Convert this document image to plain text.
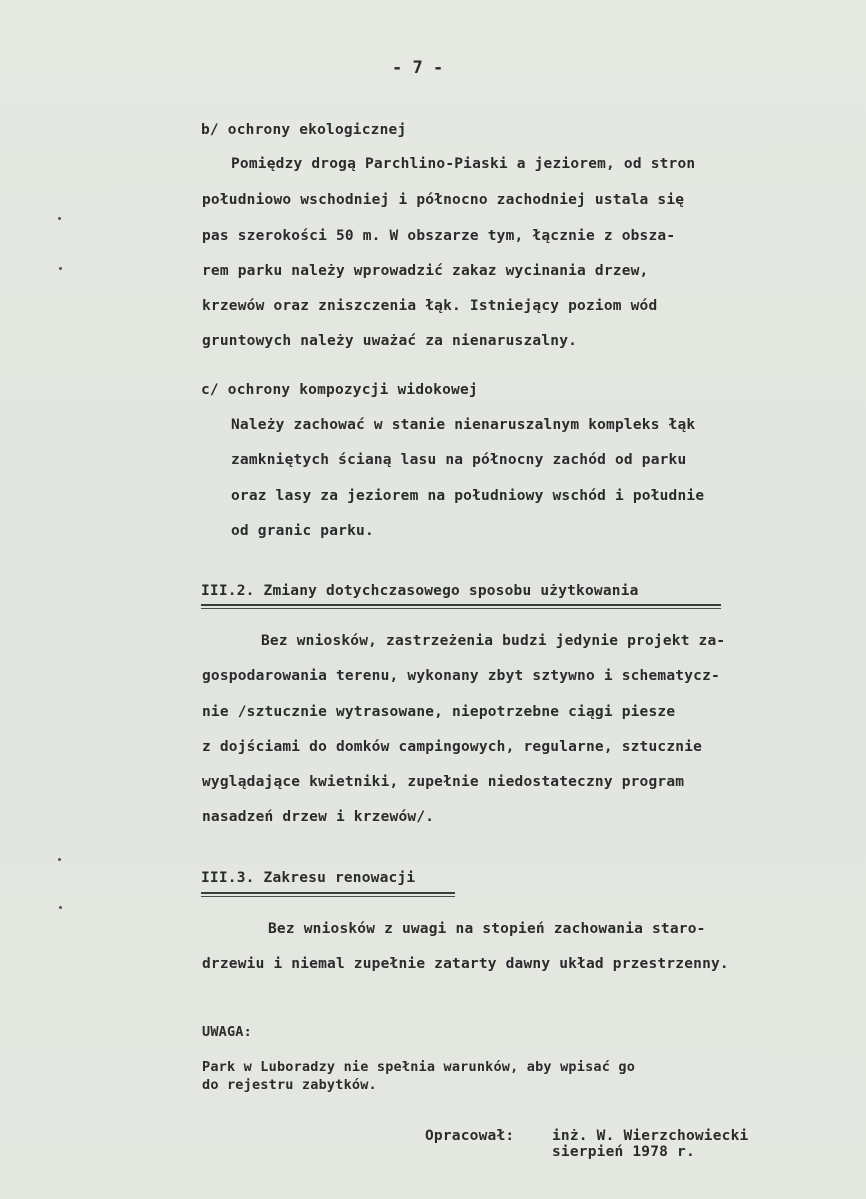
- 7 -
b/ ochrony ekologicznej
Pomiędzy drogą Parchlino-Piaski a jeziorem, od stron
południowo wschodniej i północno zachodniej ustala się
pas szerokości 50 m. W obszarze tym, łącznie z obsza-
rem parku należy wprowadzić zakaz wycinania drzew,
krzewów oraz zniszczenia łąk. Istniejący poziom wód
gruntowych należy uważać za nienaruszalny.
c/ ochrony kompozycji widokowej
Należy zachować w stanie nienaruszalnym kompleks łąk
zamkniętych ścianą lasu na północny zachód od parku
oraz lasy za jeziorem na południowy wschód i południe
od granic parku.
III.2. Zmiany dotychczasowego sposobu użytkowania
Bez wniosków, zastrzeżenia budzi jedynie projekt za-
gospodarowania terenu, wykonany zbyt sztywno i schematycz-
nie /sztucznie wytrasowane, niepotrzebne ciągi piesze
z dojściami do domków campingowych, regularne, sztucznie
wyglądające kwietniki, zupełnie niedostateczny program
nasadzeń drzew i krzewów/.
III.3. Zakresu renowacji
Bez wniosków z uwagi na stopień zachowania staro-
drzewiu i niemal zupełnie zatarty dawny układ przestrzenny.
UWAGA:
Park w Luboradzy nie spełnia warunków, aby wpisać go
do rejestru zabytków.
Opracował:	inż. W. Wierzchowiecki
sierpień 1978 r.
